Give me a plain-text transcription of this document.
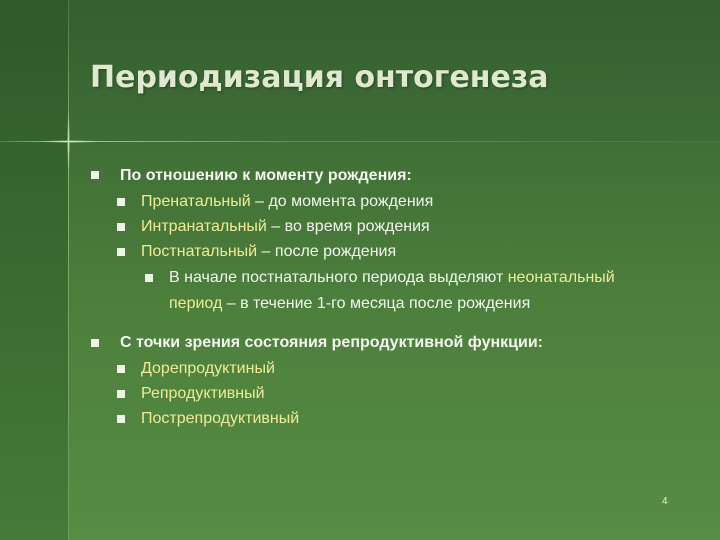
Периодизация онтогенеза
По отношению к моменту рождения:
Пренатальный – до момента рождения
Интранатальный – во время рождения
Постнатальный – после рождения
В начале постнатального периода выделяют неонатальный
период – в течение 1-го месяца после рождения
С точки зрения состояния репродуктивной функции:
Дорепродуктиный
Репродуктивный
Пострепродуктивный
4
